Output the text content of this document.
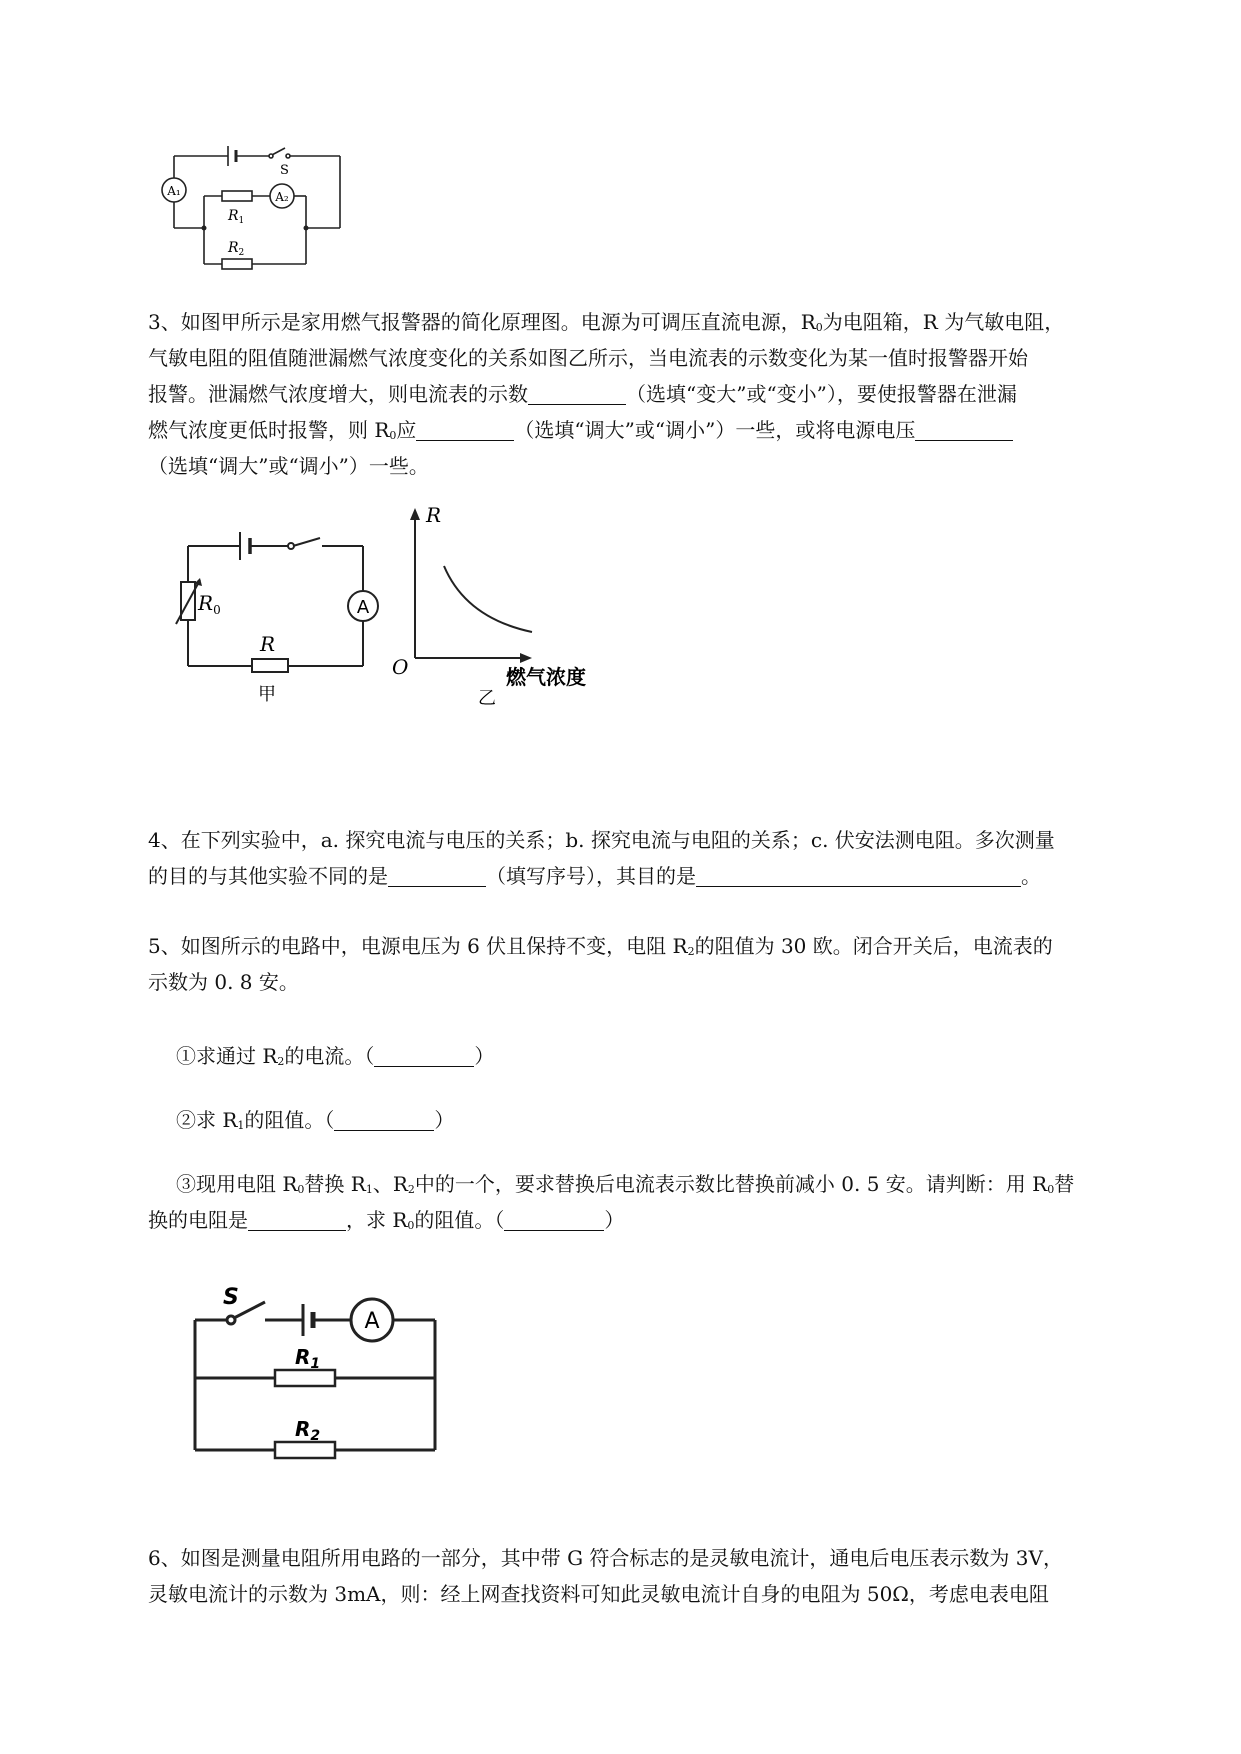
A₁	A₂
S
$R_1$
$R_2$
3、如图甲所示是家用燃气报警器的简化原理图。电源为可调压直流电源，$R_0$为电阻箱，R 为气敏电阻，
气敏电阻的阻值随泄漏燃气浓度变化的关系如图乙所示，当电流表的示数变化为某一值时报警器开始
报警。泄漏燃气浓度增大，则电流表的示数	（选填“变大”或“变小”），要使报警器在泄漏
燃气浓度更低时报警，则 $R_0$应	（选填“调大”或“调小”）一些，或将电源电压
（选填“调大”或“调小”）一些。
$R_0$
R
A
甲
R
O	燃气浓度
乙
4、在下列实验中，a. 探究电流与电压的关系；b. 探究电流与电阻的关系；c. 伏安法测电阻。多次测量
的目的与其他实验不同的是	（填写序号），其目的是	。
5、如图所示的电路中，电源电压为 6 伏且保持不变，电阻 $R_2$的阻值为 30 欧。闭合开关后，电流表的
示数为 0. 8 安。
①求通过 $R_2$的电流。（	）
②求 $R_1$的阻值。（	）
③现用电阻 $R_0$替换 $R_1$、$R_2$中的一个，要求替换后电流表示数比替换前减小 0. 5 安。请判断：用 $R_0$替
换的电阻是	，求 $R_0$的阻值。（	）
S
A
$R_1$
$R_2$
6、如图是测量电阻所用电路的一部分，其中带 G 符合标志的是灵敏电流计，通电后电压表示数为 3V，
灵敏电流计的示数为 3mA，则：经上网查找资料可知此灵敏电流计自身的电阻为 50Ω，考虑电表电阻
